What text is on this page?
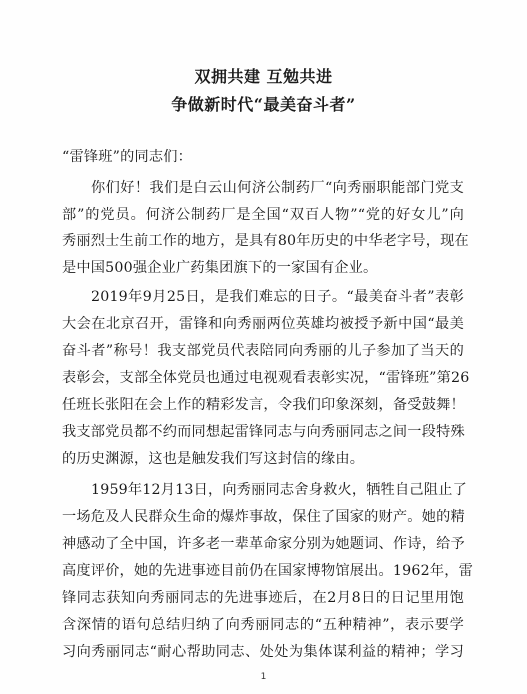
双拥共建 互勉共进
争做新时代“最美奋斗者”
“雷锋班”的同志们：
你们好！我们是白云山何济公制药厂“向秀丽职能部门党支
部”的党员。何济公制药厂是全国“双百人物”“党的好女儿”向
秀丽烈士生前工作的地方，是具有80年历史的中华老字号，现在
是中国500强企业广药集团旗下的一家国有企业。
2019年9月25日，是我们难忘的日子。“最美奋斗者”表彰
大会在北京召开，雷锋和向秀丽两位英雄均被授予新中国“最美
奋斗者”称号！我支部党员代表陪同向秀丽的儿子参加了当天的
表彰会，支部全体党员也通过电视观看表彰实况，“雷锋班”第26
任班长张阳在会上作的精彩发言，令我们印象深刻，备受鼓舞！
我支部党员都不约而同想起雷锋同志与向秀丽同志之间一段特殊
的历史渊源，这也是触发我们写这封信的缘由。
1959年12月13日，向秀丽同志舍身救火，牺牲自己阻止了
一场危及人民群众生命的爆炸事故，保住了国家的财产。她的精
神感动了全中国，许多老一辈革命家分别为她题词、作诗，给予
高度评价，她的先进事迹目前仍在国家博物馆展出。1962年，雷
锋同志获知向秀丽同志的先进事迹后，在2月8日的日记里用饱
含深情的语句总结归纳了向秀丽同志的“五种精神”，表示要学
习向秀丽同志“耐心帮助同志、处处为集体谋利益的精神；学习
1
